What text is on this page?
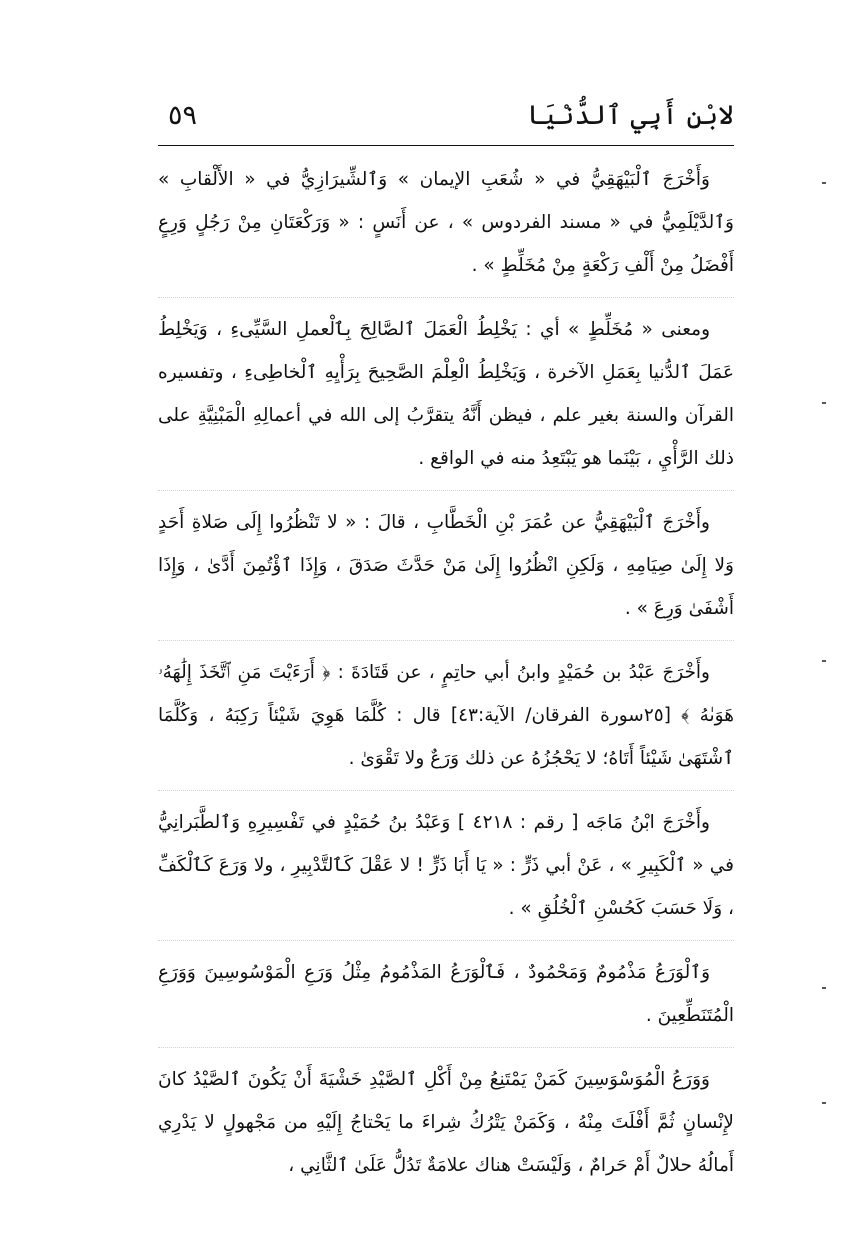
لابْنِ أَبِي ٱلدُّنْيَا
٥٩

وَأَخْرَجَ ٱلْبَيْهَقِيُّ في « شُعَبِ الإيمان » وَٱلشِّيرَازِيُّ في « الأَلْقابِ » وَٱلدَّيْلَمِيُّ في « مسند الفردوس » ، عن أَنَسٍ : « وَرَكْعَتَانِ مِنْ رَجُلٍ وَرِعٍ أَفْضَلُ مِنْ أَلْفِ رَكْعَةٍ مِنْ مُخَلِّطٍ » .

ومعنى « مُخَلِّطٍ » أي : يَخْلِطُ الْعَمَلَ ٱلصَّالِحَ بِٱلْعملِ السَّيِّىءِ ، وَيَخْلِطُ عَمَلَ ٱلدُّنيا بِعَمَلِ الآخرة ، وَيَخْلِطُ الْعِلْمَ الصَّحِيحَ بِرَأْيِهِ ٱلْخاطِىءِ ، وتفسيره القرآن والسنة بغير علم ، فيظن أَنَّهُ يتقرَّبُ إلى الله في أعمالِهِ الْمَبْنِيَّةِ على ذلك الرَّأْيِ ، بَيْنَما هو يَبْتَعِدُ منه في الواقع .

وأَخْرَجَ ٱلْبَيْهَقِيُّ عن عُمَرَ بْنِ الْخَطَّابِ ، قالَ : « لا تَنْظُرُوا إِلَى صَلاةِ أَحَدٍ وَلا إِلَىٰ صِيَامِهِ ، وَلَكِنِ انْظُرُوا إِلَىٰ مَنْ حَدَّثَ صَدَقَ ، وَإِذَا ٱؤْتُمِنَ أَدَّىٰ ، وَإِذَا أَشْفَىٰ وَرِعَ » .

وأَخْرَجَ عَبْدُ بن حُمَيْدٍ وابنُ أبي حاتِمٍ ، عن قَتَادَةَ : ﴿ أَرَءَيْتَ مَنِ ٱتَّخَذَ إِلَٰهَهُۥ هَوَىٰهُ ﴾ [٢٥سورة الفرقان/ الآية:٤٣] قال : كُلَّمَا هَوِيَ شَيْئاً رَكِبَهُ ، وَكُلَّمَا ٱشْتَهَىٰ شَيْئاً أَتَاهُ؛ لا يَحْجُزُهُ عن ذلك وَرَعٌ ولا تَقْوَىٰ .

وأَخْرَجَ ابْنُ مَاجَه [ رقم : ٤٢١٨ ] وَعَبْدُ بنُ حُمَيْدٍ في تَفْسِيرِهِ وَٱلطَّبَرانِيُّ في « ٱلْكَبِيرِ » ، عَنْ أبي ذَرٍّ : « يَا أَبَا ذَرٍّ ! لا عَقْلَ كَٱلتَّدْبِيرِ ، ولا وَرَعَ كَٱلْكَفِّ ، وَلَا حَسَبَ كَحُسْنِ ٱلْخُلُقِ » .

وَٱلْوَرَعُ مَذْمُومٌ وَمَحْمُودٌ ، فَٱلْوَرَعُ المَذْمُومُ مِثْلُ وَرَعِ الْمَوْسُوسِينَ وَوَرَعِ الْمُتَنَطِّعِينَ .

وَوَرَعُ الْمُوَسْوَسِينَ كَمَنْ يَمْتَنِعُ مِنْ أَكْلِ ٱلصَّيْدِ خَشْيَةَ أَنْ يَكُونَ ٱلصَّيْدُ كانَ لإِنْسانٍ ثُمَّ أَفْلَتَ مِنْهُ ، وَكَمَنْ يَتْرُكُ شِراءَ ما يَحْتاجُ إِلَيْهِ من مَجْهولٍ لا يَدْرِي أَمالُهُ حلالٌ أَمْ حَرامٌ ، وَلَيْسَتْ هناك علامَةٌ تَدُلُّ عَلَىٰ ٱلثَّانِي ،
